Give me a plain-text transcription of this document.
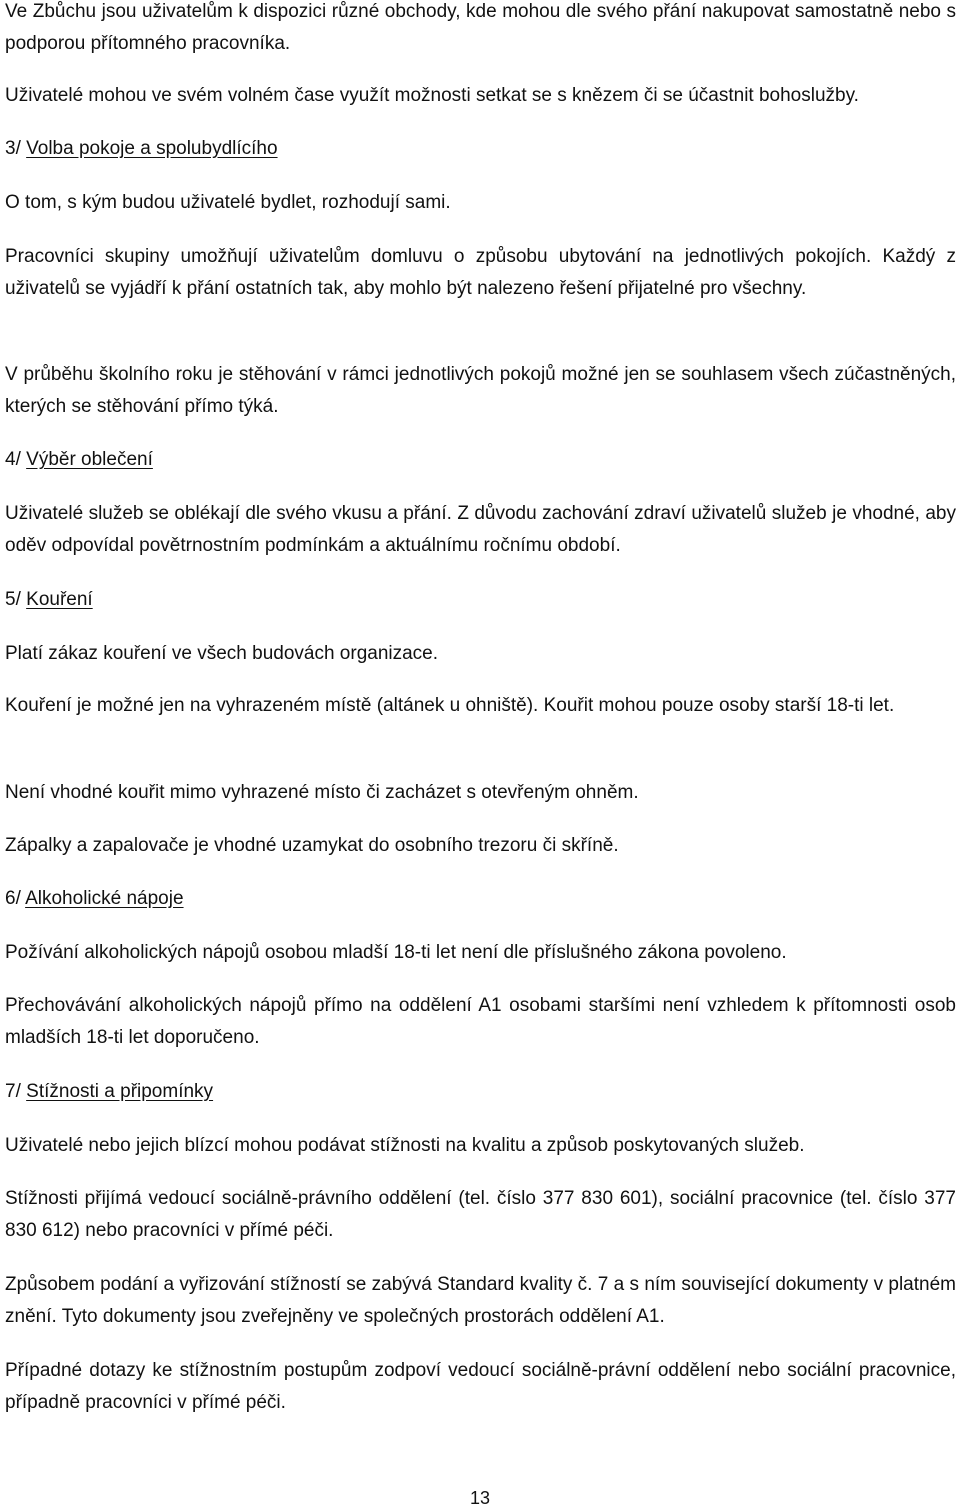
Ve Zbůchu jsou uživatelům k dispozici různé obchody, kde mohou dle svého přání nakupovat samostatně nebo s podporou přítomného pracovníka.

Uživatelé mohou ve svém volném čase využít možnosti setkat se s knězem či se účastnit bohoslužby.

3/ Volba pokoje a spolubydlícího

O tom, s kým budou uživatelé bydlet, rozhodují sami.

Pracovníci skupiny umožňují uživatelům domluvu o způsobu ubytování na jednotlivých pokojích. Každý z uživatelů se vyjádří k přání ostatních tak, aby mohlo být nalezeno řešení přijatelné pro všechny.

V průběhu školního roku je stěhování v rámci jednotlivých pokojů možné jen se souhlasem všech zúčastněných, kterých se stěhování přímo týká.

4/ Výběr oblečení

Uživatelé služeb se oblékají dle svého vkusu a přání. Z důvodu zachování zdraví uživatelů služeb je vhodné, aby oděv odpovídal povětrnostním podmínkám a aktuálnímu ročnímu období.

5/ Kouření

Platí zákaz kouření ve všech budovách organizace.

Kouření je možné jen na vyhrazeném místě (altánek u ohniště). Kouřit mohou pouze osoby starší 18-ti let.

Není vhodné kouřit mimo vyhrazené místo či zacházet s otevřeným ohněm.

Zápalky a zapalovače je vhodné uzamykat do osobního trezoru či skříně.

6/ Alkoholické nápoje

Požívání alkoholických nápojů osobou mladší 18-ti let není dle příslušného zákona povoleno.

Přechovávání alkoholických nápojů přímo na oddělení A1 osobami staršími není vzhledem k přítomnosti osob mladších 18-ti let doporučeno.

7/ Stížnosti a připomínky

Uživatelé nebo jejich blízcí mohou podávat stížnosti na kvalitu a způsob poskytovaných služeb.

Stížnosti přijímá vedoucí sociálně-právního oddělení (tel. číslo 377 830 601), sociální pracovnice (tel. číslo 377 830 612) nebo pracovníci v přímé péči.

Způsobem podání a vyřizování stížností se zabývá Standard kvality č. 7 a s ním související dokumenty v platném znění. Tyto dokumenty jsou zveřejněny ve společných prostorách oddělení A1.

Případné dotazy ke stížnostním postupům zodpoví vedoucí sociálně-právní oddělení nebo sociální pracovnice, případně pracovníci v přímé péči.

13
